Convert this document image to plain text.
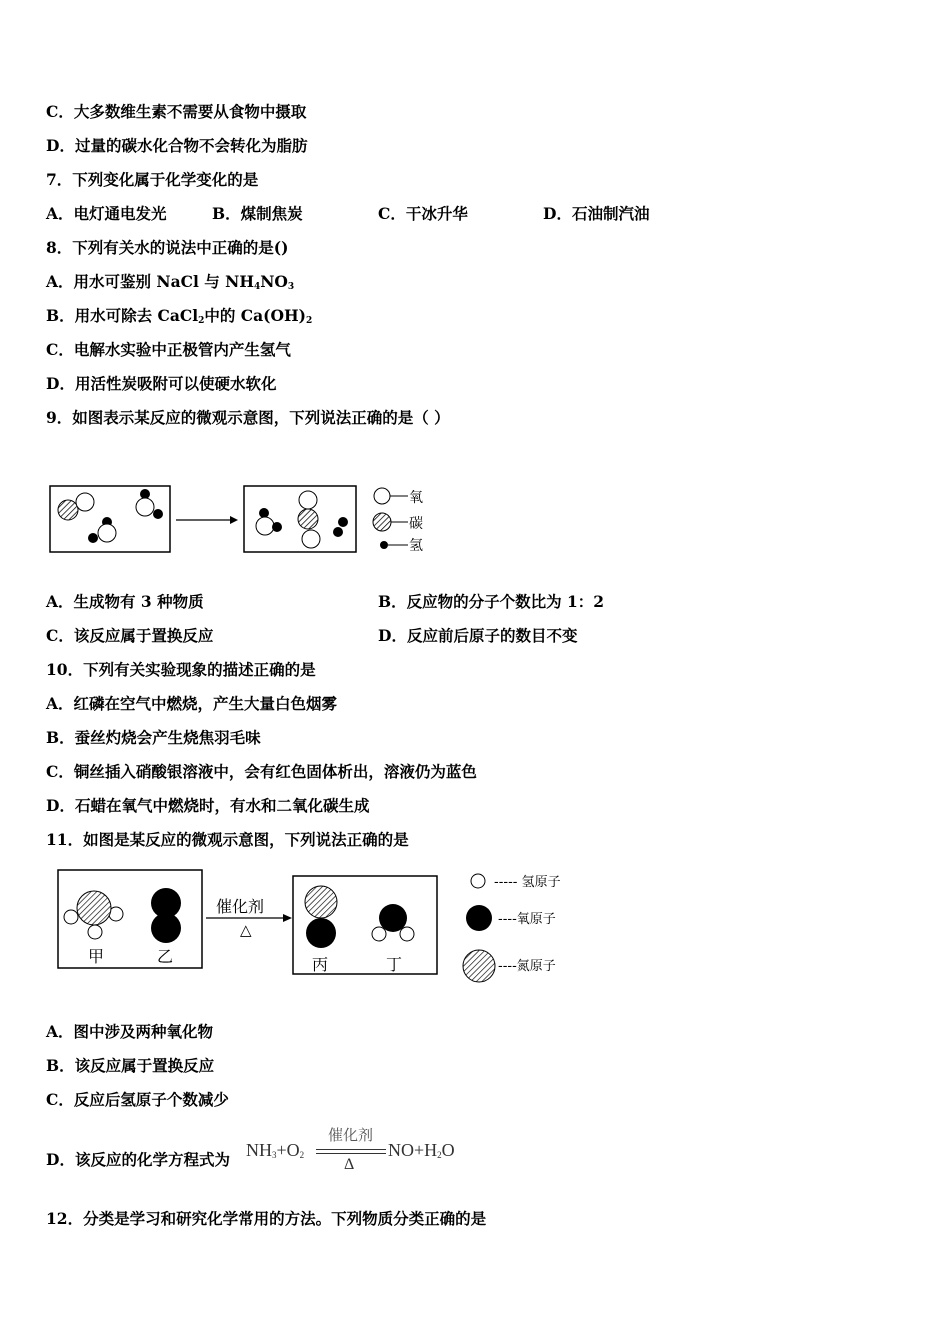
C．大多数维生素不需要从食物中摄取
D．过量的碳水化合物不会转化为脂肪
7．下列变化属于化学变化的是
A．电灯通电发光	B．煤制焦炭	C．干冰升华	D．石油制汽油
8．下列有关水的说法中正确的是()
A．用水可鉴别 NaCl 与 $NH_4NO_3$
B．用水可除去 CaCl$_2$中的 $Ca(OH)_2$
C．电解水实验中正极管内产生氢气
D．用活性炭吸附可以使硬水软化
9．如图表示某反应的微观示意图，下列说法正确的是（ ）
氧
碳
氢
A．生成物有 3 种物质	B．反应物的分子个数比为 1：2
C．该反应属于置换反应	D．反应前后原子的数目不变
10．下列有关实验现象的描述正确的是
A．红磷在空气中燃烧，产生大量白色烟雾
B．蚕丝灼烧会产生烧焦羽毛味
C．铜丝插入硝酸银溶液中，会有红色固体析出，溶液仍为蓝色
D．石蜡在氧气中燃烧时，有水和二氧化碳生成
11．如图是某反应的微观示意图，下列说法正确的是
甲	乙
催化剂
△
丙	丁
----- 氢原子
----氧原子
----氮原子
A．图中涉及两种氧化物
B．该反应属于置换反应
C．反应后氢原子个数减少
D．该反应的化学方程式为 $NH_3+O_2$
催化剂
Δ
$NO+H_2O$
12．分类是学习和研究化学常用的方法。下列物质分类正确的是
